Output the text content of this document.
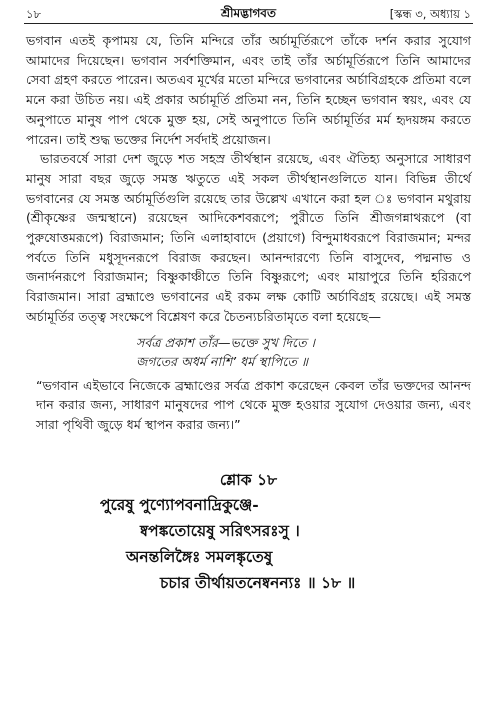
১৮	শ্রীমদ্ভাগবত	[স্কন্ধ ৩, অধ্যায় ১

ভগবান এতই কৃপাময় যে, তিনি মন্দিরে তাঁর অর্চামূর্তিরূপে তাঁকে দর্শন করার সুযোগ আমাদের দিয়েছেন। ভগবান সর্বশক্তিমান, এবং তাই তাঁর অর্চামূর্তিরূপে তিনি আমাদের সেবা গ্রহণ করতে পারেন। অতএব মূর্খের মতো মন্দিরে ভগবানের অর্চাবিগ্রহকে প্রতিমা বলে মনে করা উচিত নয়। এই প্রকার অর্চামূর্তি প্রতিমা নন, তিনি হচ্ছেন ভগবান স্বয়ং, এবং যে অনুপাতে মানুষ পাপ থেকে মুক্ত হয়, সেই অনুপাতে তিনি অর্চামূর্তির মর্ম হৃদয়ঙ্গম করতে পারেন। তাই শুদ্ধ ভক্তের নির্দেশ সর্বদাই প্রয়োজন।

ভারতবর্ষে সারা দেশ জুড়ে শত সহস্র তীর্থস্থান রয়েছে, এবং ঐতিহ্য অনুসারে সাধারণ মানুষ সারা বছর জুড়ে সমস্ত ঋতুতে এই সকল তীর্থস্থানগুলিতে যান। বিভিন্ন তীর্থে ভগবানের যে সমস্ত অর্চামূর্তিগুলি রয়েছে তার উল্লেখ এখানে করা হল ঃ ভগবান মথুরায় (শ্রীকৃষ্ণের জন্মস্থানে) রয়েছেন আদিকেশবরূপে; পুরীতে তিনি শ্রীজগন্নাথরূপে (বা পুরুষোত্তমরূপে) বিরাজমান; তিনি এলাহাবাদে (প্রয়াগে) বিন্দুমাধবরূপে বিরাজমান; মন্দর পর্বতে তিনি মধুসূদনরূপে বিরাজ করছেন। আনন্দারণ্যে তিনি বাসুদেব, পদ্মনাভ ও জনার্দনরূপে বিরাজমান; বিষ্ণুকাঞ্চীতে তিনি বিষ্ণুরূপে; এবং মায়াপুরে তিনি হরিরূপে বিরাজমান। সারা ব্রহ্মাণ্ডে ভগবানের এই রকম লক্ষ কোটি অর্চাবিগ্রহ রয়েছে। এই সমস্ত অর্চামূর্তির তত্ত্ব সংক্ষেপে বিশ্লেষণ করে চৈতন্যচরিতামৃতে বলা হয়েছে—

সর্বত্র প্রকাশ তাঁর—ভক্তে সুখ দিতে ।
জগতের অধর্ম নাশি’ ধর্ম স্থাপিতে ॥

“ভগবান এইভাবে নিজেকে ব্রহ্মাণ্ডের সর্বত্র প্রকাশ করেছেন কেবল তাঁর ভক্তদের আনন্দ দান করার জন্য, সাধারণ মানুষদের পাপ থেকে মুক্ত হওয়ার সুযোগ দেওয়ার জন্য, এবং সারা পৃথিবী জুড়ে ধর্ম স্থাপন করার জন্য।”

শ্লোক ১৮
পুরেষু পুণ্যোপবনাদ্রিকুঞ্জে-
ষ্বপঙ্কতোয়েষু সরিৎসরঃসু ।
অনন্তলিঙ্গৈঃ সমলঙ্কৃতেষু
চচার তীর্থায়তনেষ্বনন্যঃ ॥ ১৮ ॥
